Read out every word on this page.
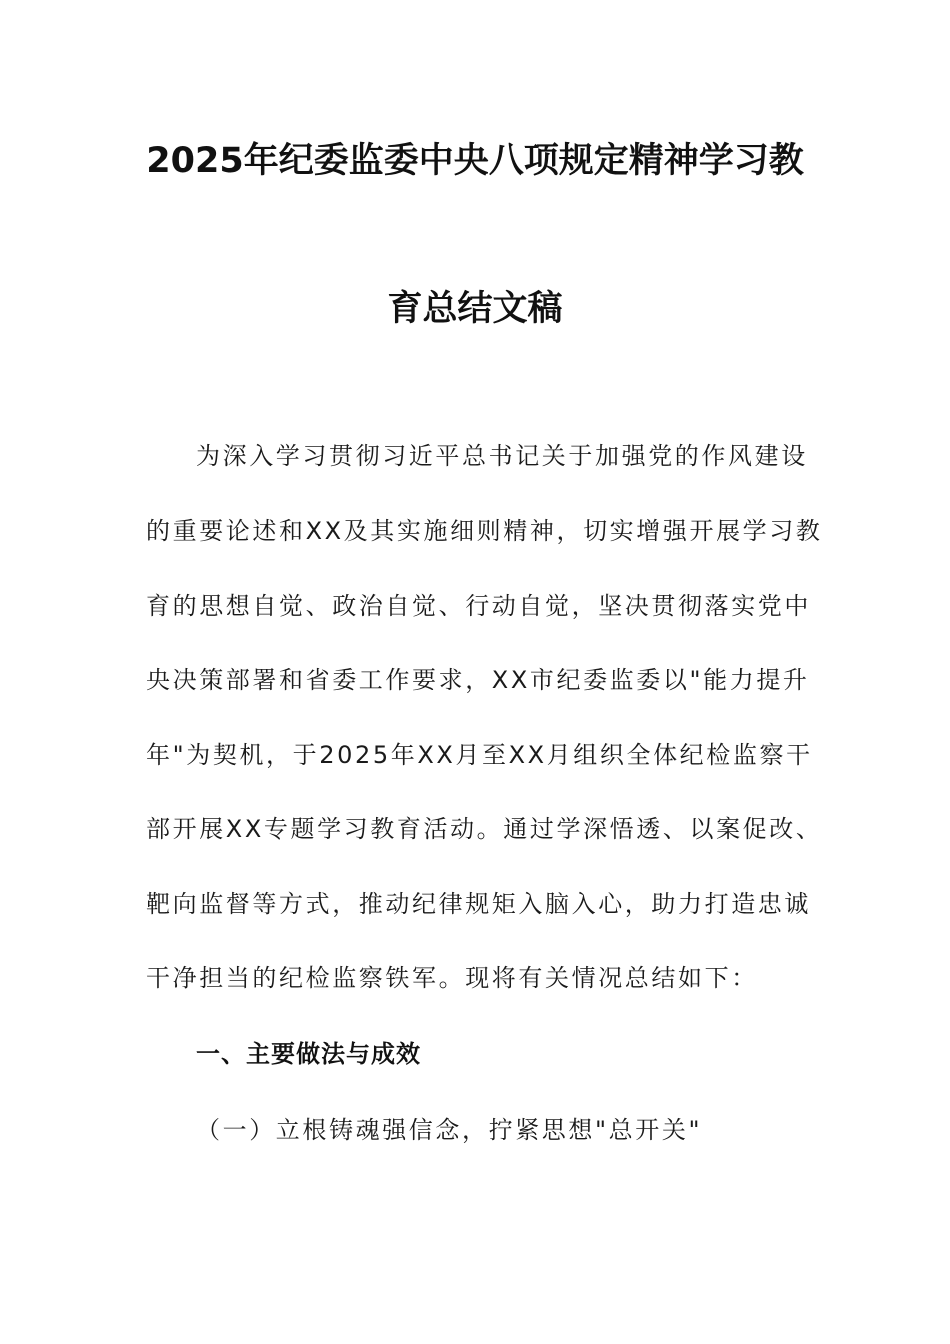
2025年纪委监委中央八项规定精神学习教
育总结文稿
为深入学习贯彻习近平总书记关于加强党的作风建设
的重要论述和XX及其实施细则精神，切实增强开展学习教
育的思想自觉、政治自觉、行动自觉，坚决贯彻落实党中
央决策部署和省委工作要求，XX市纪委监委以"能力提升
年"为契机，于2025年XX月至XX月组织全体纪检监察干
部开展XX专题学习教育活动。通过学深悟透、以案促改、
靶向监督等方式，推动纪律规矩入脑入心，助力打造忠诚
干净担当的纪检监察铁军。现将有关情况总结如下：
一、主要做法与成效
（一）立根铸魂强信念，拧紧思想"总开关"
